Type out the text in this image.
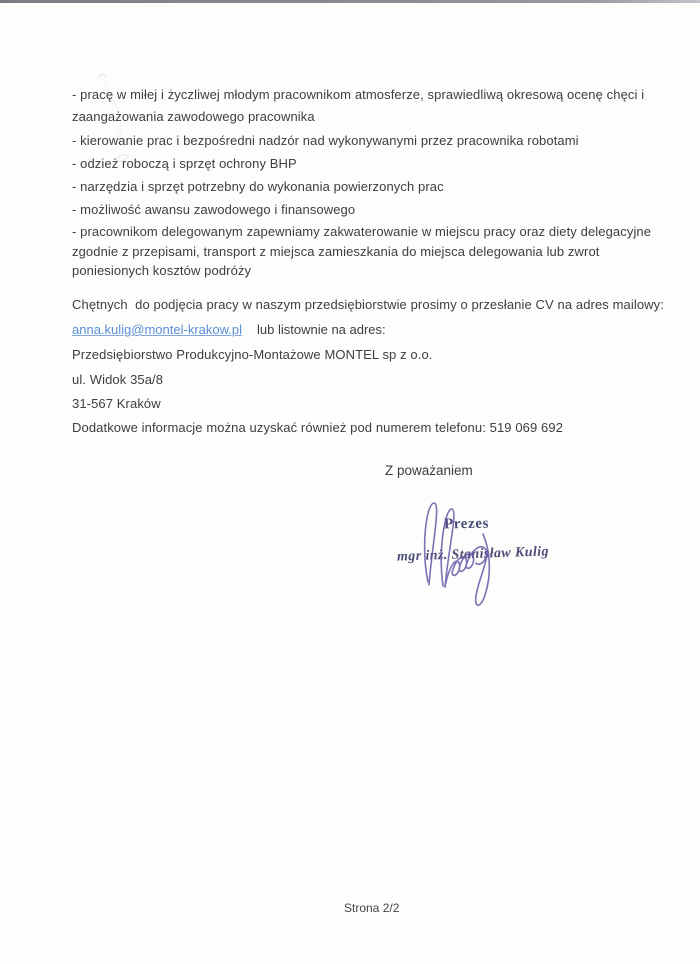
- pracę w miłej i życzliwej młodym pracownikom atmosferze, sprawiedliwą okresową ocenę chęci i
zaangażowania zawodowego pracownika
- kierowanie prac i bezpośredni nadzór nad wykonywanymi przez pracownika robotami
- odzież roboczą i sprzęt ochrony BHP
- narzędzia i sprzęt potrzebny do wykonania powierzonych prac
- możliwość awansu zawodowego i finansowego
- pracownikom delegowanym zapewniamy zakwaterowanie w miejscu pracy oraz diety delegacyjne
zgodnie z przepisami, transport z miejsca zamieszkania do miejsca delegowania lub zwrot
poniesionych kosztów podróży
Chętnych  do podjęcia pracy w naszym przedsiębiorstwie prosimy o przesłanie CV na adres mailowy:
anna.kulig@montel-krakow.pl lub listownie na adres:
Przedsiębiorstwo Produkcyjno-Montażowe MONTEL sp z o.o.
ul. Widok 35a/8
31-567 Kraków
Dodatkowe informacje można uzyskać również pod numerem telefonu: 519 069 692
Z poważaniem
Prezes
mgr inż. Stanisław Kulig
Strona 2/2
